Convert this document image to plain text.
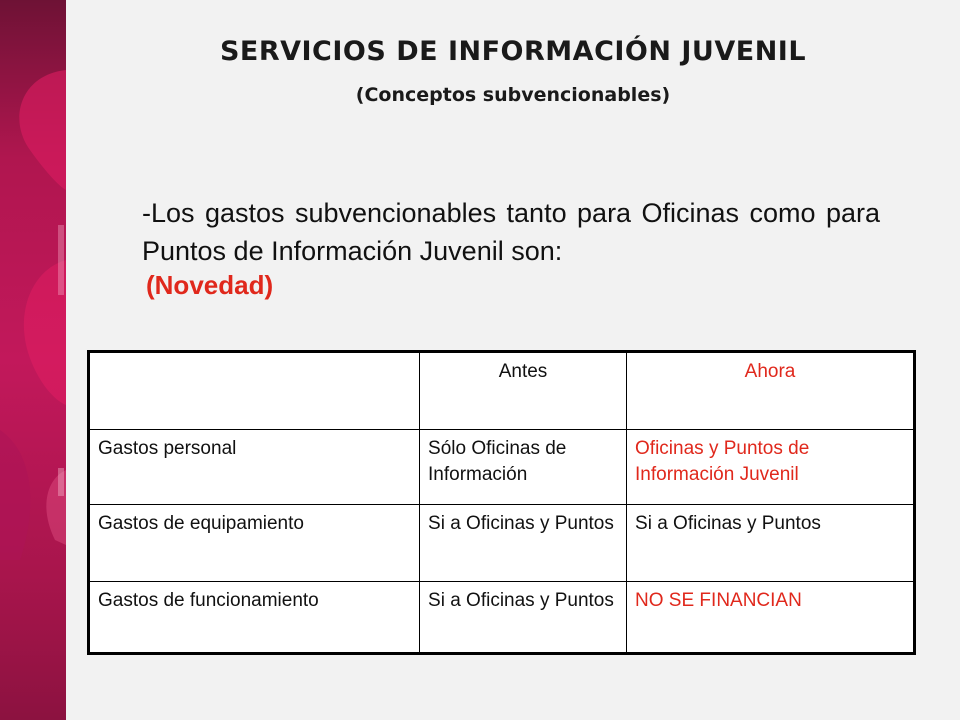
SERVICIOS DE INFORMACIÓN JUVENIL
(Conceptos subvencionables)

-Los gastos subvencionables tanto para Oficinas como para Puntos de Información Juvenil son:

(Novedad)

	Antes	Ahora
Gastos personal	Sólo Oficinas de Información	Oficinas y Puntos de Información Juvenil
Gastos de equipamiento	Si a Oficinas y Puntos	Si a Oficinas y Puntos
Gastos de funcionamiento	Si a Oficinas y Puntos	NO SE FINANCIAN
